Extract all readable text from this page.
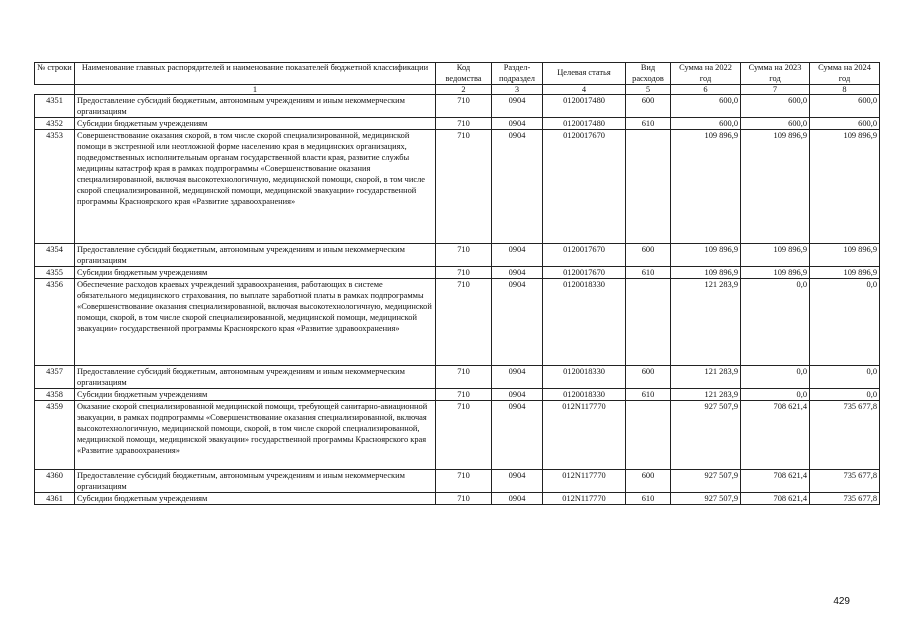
№ строки	Наименование главных распорядителей и наименование показателей бюджетной классификации	Код ведомства	Раздел-подраздел	Целевая статья	Вид расходов	Сумма на 2022 год	Сумма на 2023 год	Сумма на 2024 год
	1	2	3	4	5	6	7	8
4351	Предоставление субсидий бюджетным, автономным учреждениям и иным некоммерческим организациям	710	0904	0120017480	600	600,0	600,0	600,0
4352	Субсидии бюджетным учреждениям	710	0904	0120017480	610	600,0	600,0	600,0
4353	Совершенствование оказания скорой, в том числе скорой специализированной, медицинской помощи в экстренной или неотложной форме населению края в медицинских организациях, подведомственных исполнительным органам государственной власти края, развитие службы медицины катастроф края в рамках подпрограммы «Совершенствование оказания специализированной, включая высокотехнологичную, медицинской помощи, скорой, в том числе скорой специализированной, медицинской помощи, медицинской эвакуации» государственной программы Красноярского края «Развитие здравоохранения»	710	0904	0120017670		109 896,9	109 896,9	109 896,9
4354	Предоставление субсидий бюджетным, автономным учреждениям и иным некоммерческим организациям	710	0904	0120017670	600	109 896,9	109 896,9	109 896,9
4355	Субсидии бюджетным учреждениям	710	0904	0120017670	610	109 896,9	109 896,9	109 896,9
4356	Обеспечение расходов краевых учреждений здравоохранения, работающих в системе обязательного медицинского страхования, по выплате заработной платы в рамках подпрограммы «Совершенствование оказания специализированной, включая высокотехнологичную, медицинской помощи, скорой, в том числе скорой специализированной, медицинской помощи, медицинской эвакуации» государственной программы Красноярского края «Развитие здравоохранения»	710	0904	0120018330		121 283,9	0,0	0,0
4357	Предоставление субсидий бюджетным, автономным учреждениям и иным некоммерческим организациям	710	0904	0120018330	600	121 283,9	0,0	0,0
4358	Субсидии бюджетным учреждениям	710	0904	0120018330	610	121 283,9	0,0	0,0
4359	Оказание скорой специализированной медицинской помощи, требующей санитарно-авиационной эвакуации, в рамках подпрограммы «Совершенствование оказания специализированной, включая высокотехнологичную, медицинской помощи, скорой, в том числе скорой специализированной, медицинской помощи, медицинской эвакуации» государственной программы Красноярского края «Развитие здравоохранения»	710	0904	012N117770		927 507,9	708 621,4	735 677,8
4360	Предоставление субсидий бюджетным, автономным учреждениям и иным некоммерческим организациям	710	0904	012N117770	600	927 507,9	708 621,4	735 677,8
4361	Субсидии бюджетным учреждениям	710	0904	012N117770	610	927 507,9	708 621,4	735 677,8
429
